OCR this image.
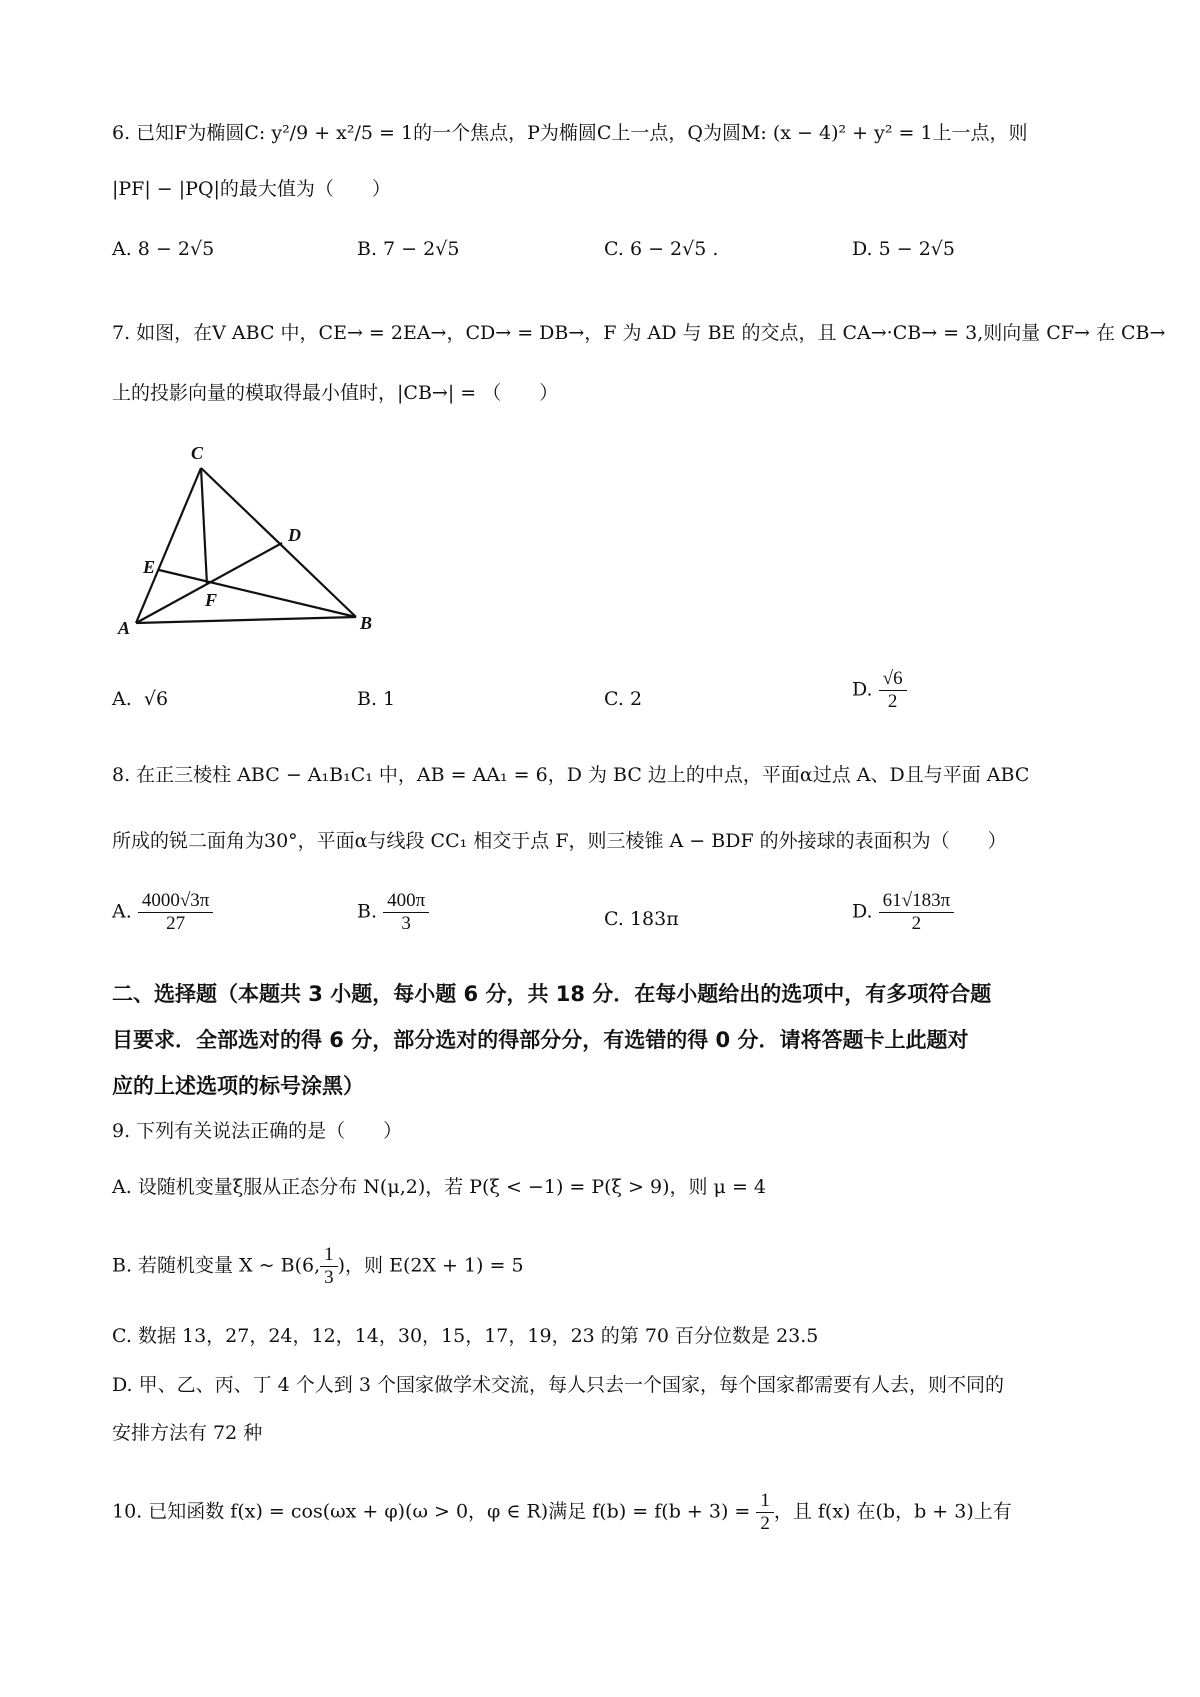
6. 已知F为椭圆C: y²/9 + x²/5 = 1的一个焦点，P为椭圆C上一点，Q为圆M: (x − 4)² + y² = 1上一点，则
|PF| − |PQ|的最大值为（　　）
A. 8 − 2√5	B. 7 − 2√5	C. 6 − 2√5 .	D. 5 − 2√5
7. 如图，在V ABC 中，CE→ = 2EA→，CD→ = DB→，F 为 AD 与 BE 的交点，且 CA→·CB→ = 3,则向量 CF→ 在 CB→
上的投影向量的模取得最小值时，|CB→| = （　　）
C
D
E
F
A	B
A. √6	B. 1	C. 2	D. $\frac{√6}{2}$
8. 在正三棱柱 ABC − A₁B₁C₁ 中，AB = AA₁ = 6，D 为 BC 边上的中点，平面α过点 A、D且与平面 ABC
所成的锐二面角为30°，平面α与线段 CC₁ 相交于点 F，则三棱锥 A − BDF 的外接球的表面积为（　　）
A. $\frac{4000√3\pi}{27}$	B. $\frac{400\pi}{3}$	C. 183π	D. $\frac{61√183\pi}{2}$
二、选择题（本题共 3 小题，每小题 6 分，共 18 分．在每小题给出的选项中，有多项符合题
目要求．全部选对的得 6 分，部分选对的得部分分，有选错的得 0 分．请将答题卡上此题对
应的上述选项的标号涂黑）
9. 下列有关说法正确的是（　　）
A. 设随机变量ξ服从正态分布 N(μ,2)，若 P(ξ < −1) = P(ξ > 9)，则 μ = 4
B. 若随机变量 X ~ B(6, $\frac{1}{3}$ )，则 E(2X + 1) = 5
C. 数据 13，27，24，12，14，30，15，17，19，23 的第 70 百分位数是 23.5
D. 甲、乙、丙、丁 4 个人到 3 个国家做学术交流，每人只去一个国家，每个国家都需要有人去，则不同的
安排方法有 72 种
10. 已知函数 f(x) = cos(ωx + φ)(ω > 0，φ ∈ R)满足 $f(b) = f(b + 3) = \frac{1}{2}$ ，且 f(x) 在(b，b + 3)上有
